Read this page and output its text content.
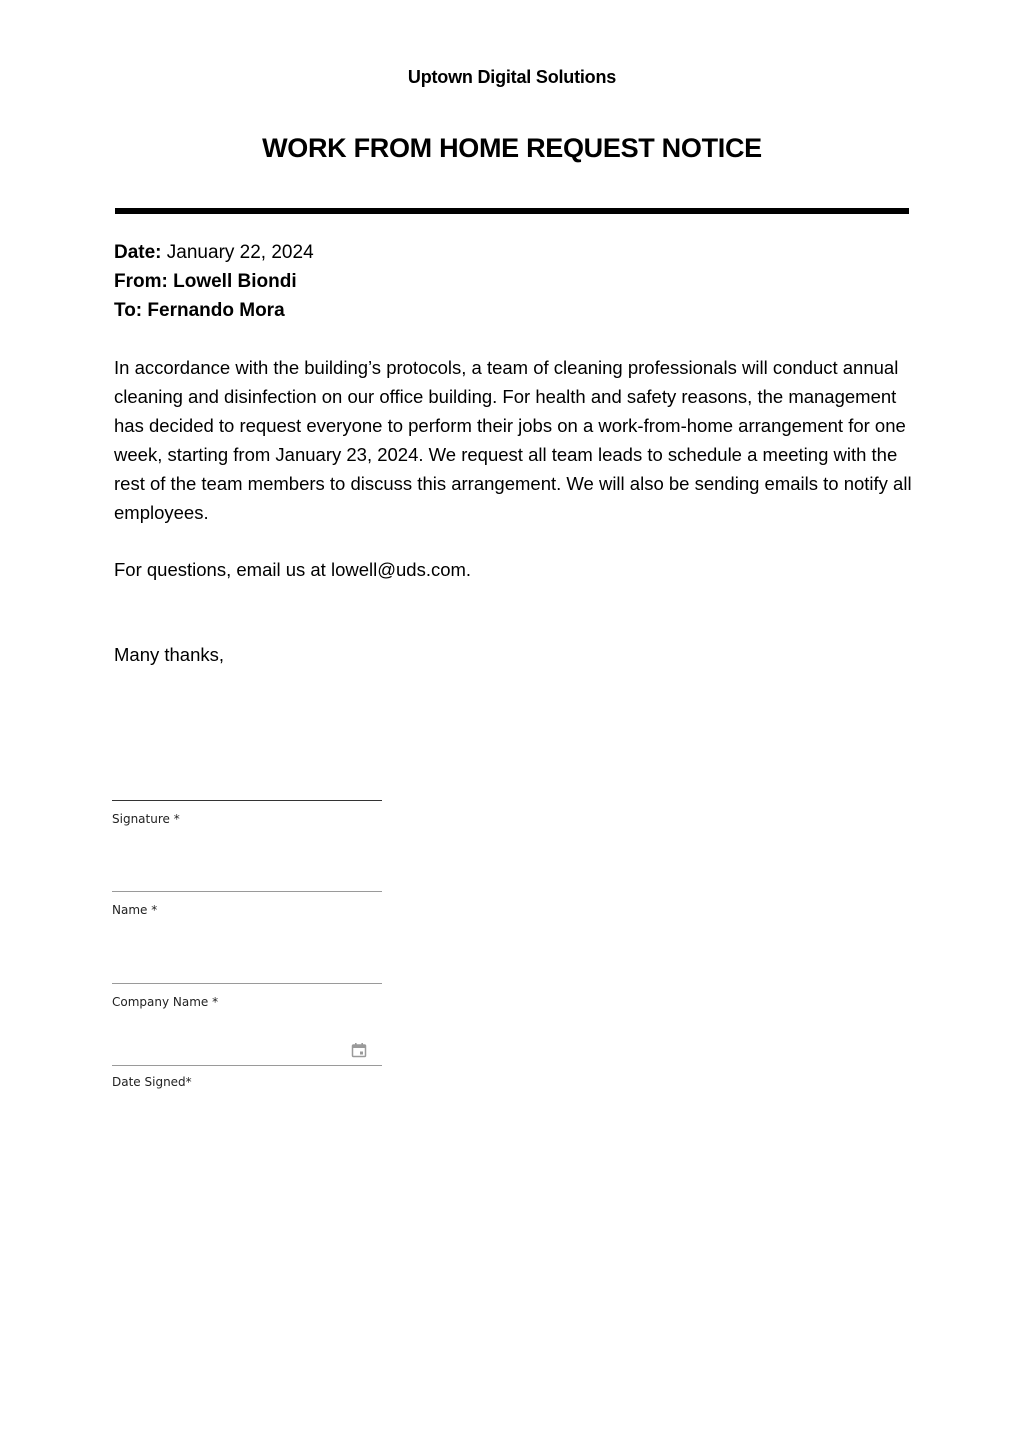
Uptown Digital Solutions
WORK FROM HOME REQUEST NOTICE
Date: January 22, 2024
From: Lowell Biondi
To: Fernando Mora

In accordance with the building’s protocols, a team of cleaning professionals will conduct annual cleaning and disinfection on our office building. For health and safety reasons, the management has decided to request everyone to perform their jobs on a work-from-home arrangement for one week, starting from January 23, 2024. We request all team leads to schedule a meeting with the rest of the team members to discuss this arrangement. We will also be sending emails to notify all employees.

For questions, email us at lowell@uds.com.

Many thanks,

Signature *
Name *
Company Name *
Date Signed*
